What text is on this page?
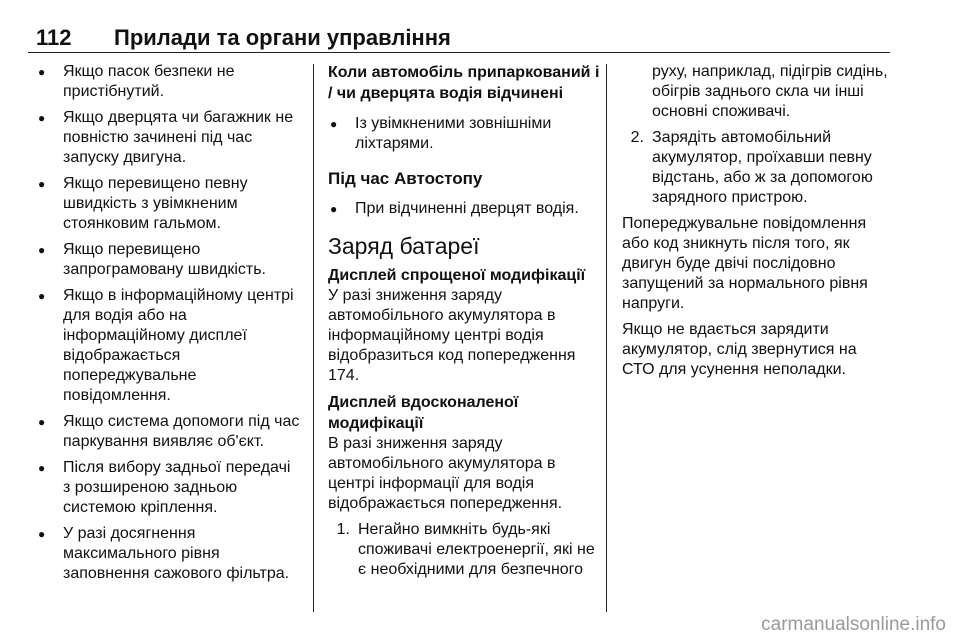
112 Прилади та органи управління
● Якщо пасок безпеки не пристібнутий.
● Якщо дверцята чи багажник не повністю зачинені під час запуску двигуна.
● Якщо перевищено певну швидкість з увімкненим стоянковим гальмом.
● Якщо перевищено запрограмовану швидкість.
● Якщо в інформаційному центрі для водія або на інформаційному дисплеї відображається попереджувальне повідомлення.
● Якщо система допомоги під час паркування виявляє об'єкт.
● Після вибору задньої передачі з розширеною задньою системою кріплення.
● У разі досягнення максимального рівня заповнення сажового фільтра.
Коли автомобіль припаркований і / чи дверцята водія відчинені
● Із увімкненими зовнішніми ліхтарями.
Під час Автостопу
● При відчиненні дверцят водія.
Заряд батареї
Дисплей спрощеної модифікації

У разі зниження заряду автомобільного акумулятора в інформаційному центрі водія відобразиться код попередження 174.

Дисплей вдосконаленої модифікації

В разі зниження заряду автомобільного акумулятора в центрі інформації для водія відображається попередження.

1. Негайно вимкніть будь-які споживачі електроенергії, які не є необхідними для безпечного
руху, наприклад, підігрів сидінь, обігрів заднього скла чи інші основні споживачі.
2. Зарядіть автомобільний акумулятор, проїхавши певну відстань, або ж за допомогою зарядного пристрою.

Попереджувальне повідомлення або код зникнуть після того, як двигун буде двічі послідовно запущений за нормального рівня напруги.

Якщо не вдається зарядити акумулятор, слід звернутися на СТО для усунення неполадки.

carmanualsonline.info
